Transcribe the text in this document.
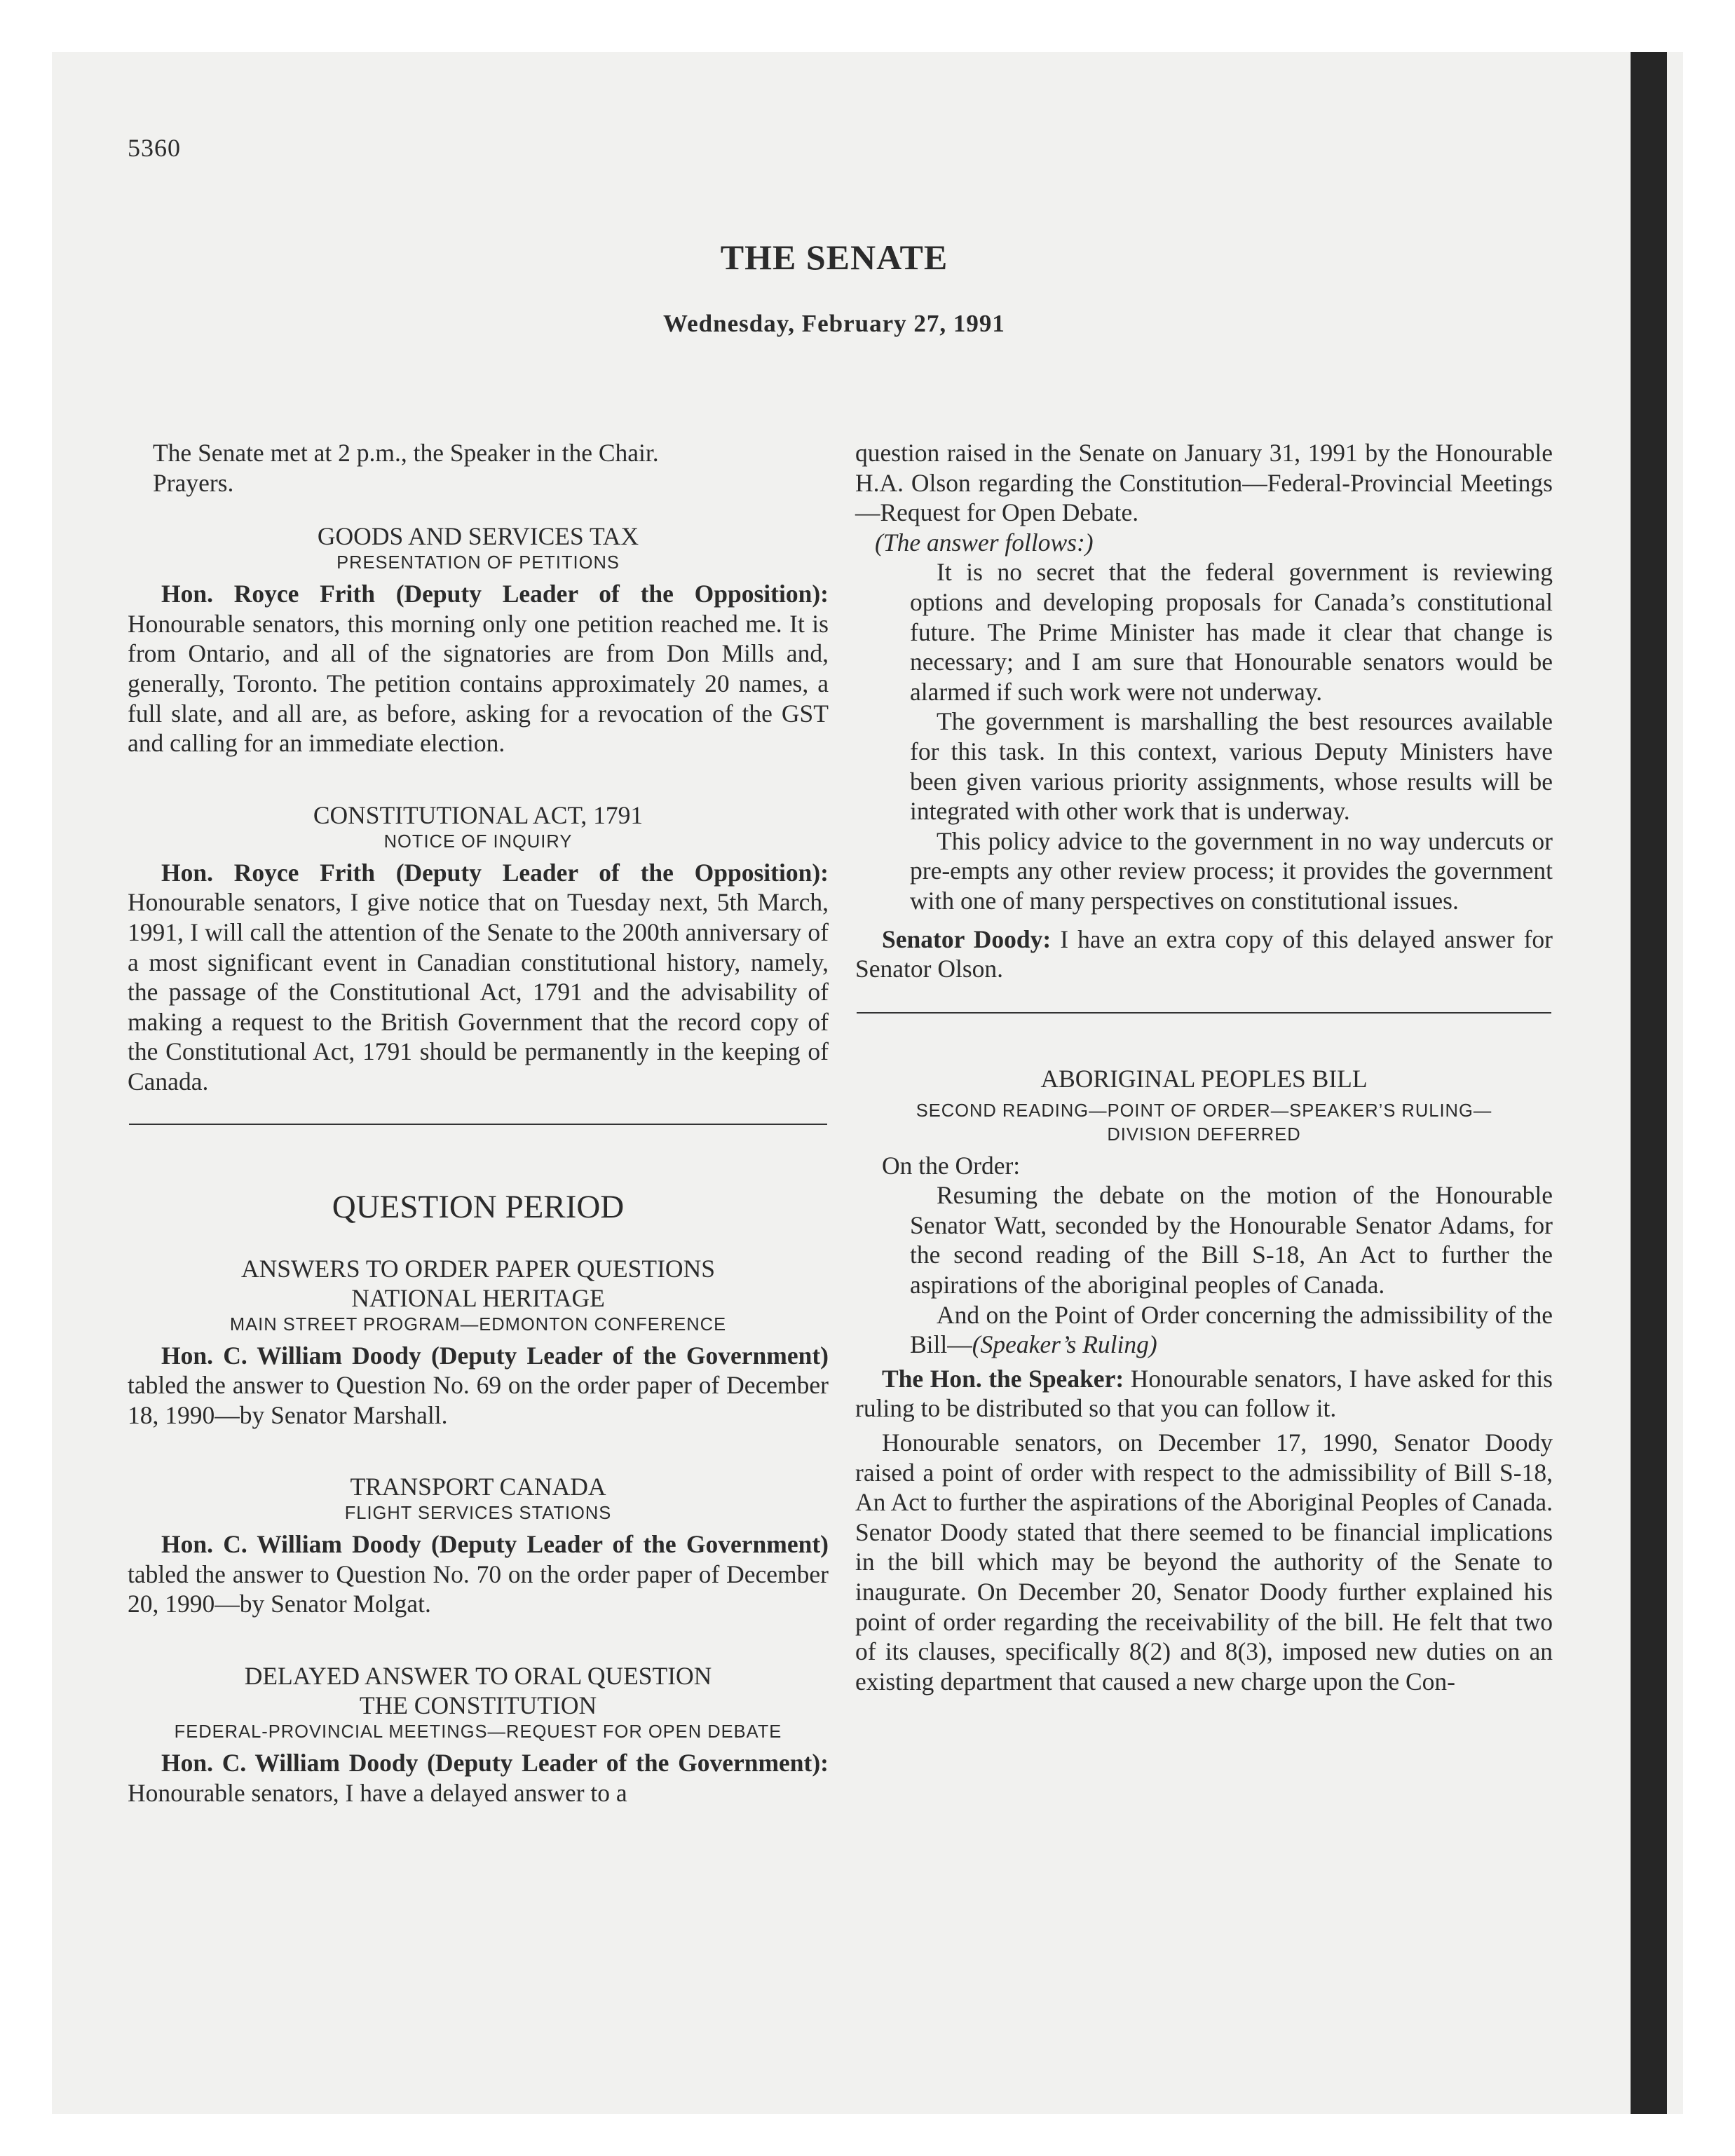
5360
THE SENATE
Wednesday, February 27, 1991

The Senate met at 2 p.m., the Speaker in the Chair.

Prayers.

GOODS AND SERVICES TAX
PRESENTATION OF PETITIONS

Hon. Royce Frith (Deputy Leader of the Opposition): Honourable senators, this morning only one petition reached me. It is from Ontario, and all of the signatories are from Don Mills and, generally, Toronto. The petition contains approximately 20 names, a full slate, and all are, as before, asking for a revocation of the GST and calling for an immediate election.

CONSTITUTIONAL ACT, 1791
NOTICE OF INQUIRY

Hon. Royce Frith (Deputy Leader of the Opposition): Honourable senators, I give notice that on Tuesday next, 5th March, 1991, I will call the attention of the Senate to the 200th anniversary of a most significant event in Canadian constitutional history, namely, the passage of the Constitutional Act, 1791 and the advisability of making a request to the British Government that the record copy of the Constitutional Act, 1791 should be permanently in the keeping of Canada.

QUESTION PERIOD
ANSWERS TO ORDER PAPER QUESTIONS
NATIONAL HERITAGE
MAIN STREET PROGRAM—EDMONTON CONFERENCE

Hon. C. William Doody (Deputy Leader of the Government) tabled the answer to Question No. 69 on the order paper of December 18, 1990—by Senator Marshall.

TRANSPORT CANADA
FLIGHT SERVICES STATIONS

Hon. C. William Doody (Deputy Leader of the Government) tabled the answer to Question No. 70 on the order paper of December 20, 1990—by Senator Molgat.

DELAYED ANSWER TO ORAL QUESTION
THE CONSTITUTION
FEDERAL-PROVINCIAL MEETINGS—REQUEST FOR OPEN DEBATE

Hon. C. William Doody (Deputy Leader of the Government): Honourable senators, I have a delayed answer to a

question raised in the Senate on January 31, 1991 by the Honourable H.A. Olson regarding the Constitution—Federal-Provincial Meetings—Request for Open Debate.

(The answer follows:)

It is no secret that the federal government is reviewing options and developing proposals for Canada’s constitutional future. The Prime Minister has made it clear that change is necessary; and I am sure that Honourable senators would be alarmed if such work were not underway.

The government is marshalling the best resources available for this task. In this context, various Deputy Ministers have been given various priority assignments, whose results will be integrated with other work that is underway.

This policy advice to the government in no way undercuts or pre-empts any other review process; it provides the government with one of many perspectives on constitutional issues.

Senator Doody: I have an extra copy of this delayed answer for Senator Olson.

ABORIGINAL PEOPLES BILL
SECOND READING—POINT OF ORDER—SPEAKER’S RULING—
DIVISION DEFERRED

On the Order:

Resuming the debate on the motion of the Honourable Senator Watt, seconded by the Honourable Senator Adams, for the second reading of the Bill S-18, An Act to further the aspirations of the aboriginal peoples of Canada.

And on the Point of Order concerning the admissibility of the Bill—(Speaker’s Ruling)

The Hon. the Speaker: Honourable senators, I have asked for this ruling to be distributed so that you can follow it.

Honourable senators, on December 17, 1990, Senator Doody raised a point of order with respect to the admissibility of Bill S-18, An Act to further the aspirations of the Aboriginal Peoples of Canada. Senator Doody stated that there seemed to be financial implications in the bill which may be beyond the authority of the Senate to inaugurate. On December 20, Senator Doody further explained his point of order regarding the receivability of the bill. He felt that two of its clauses, specifically 8(2) and 8(3), imposed new duties on an existing department that caused a new charge upon the Con-
